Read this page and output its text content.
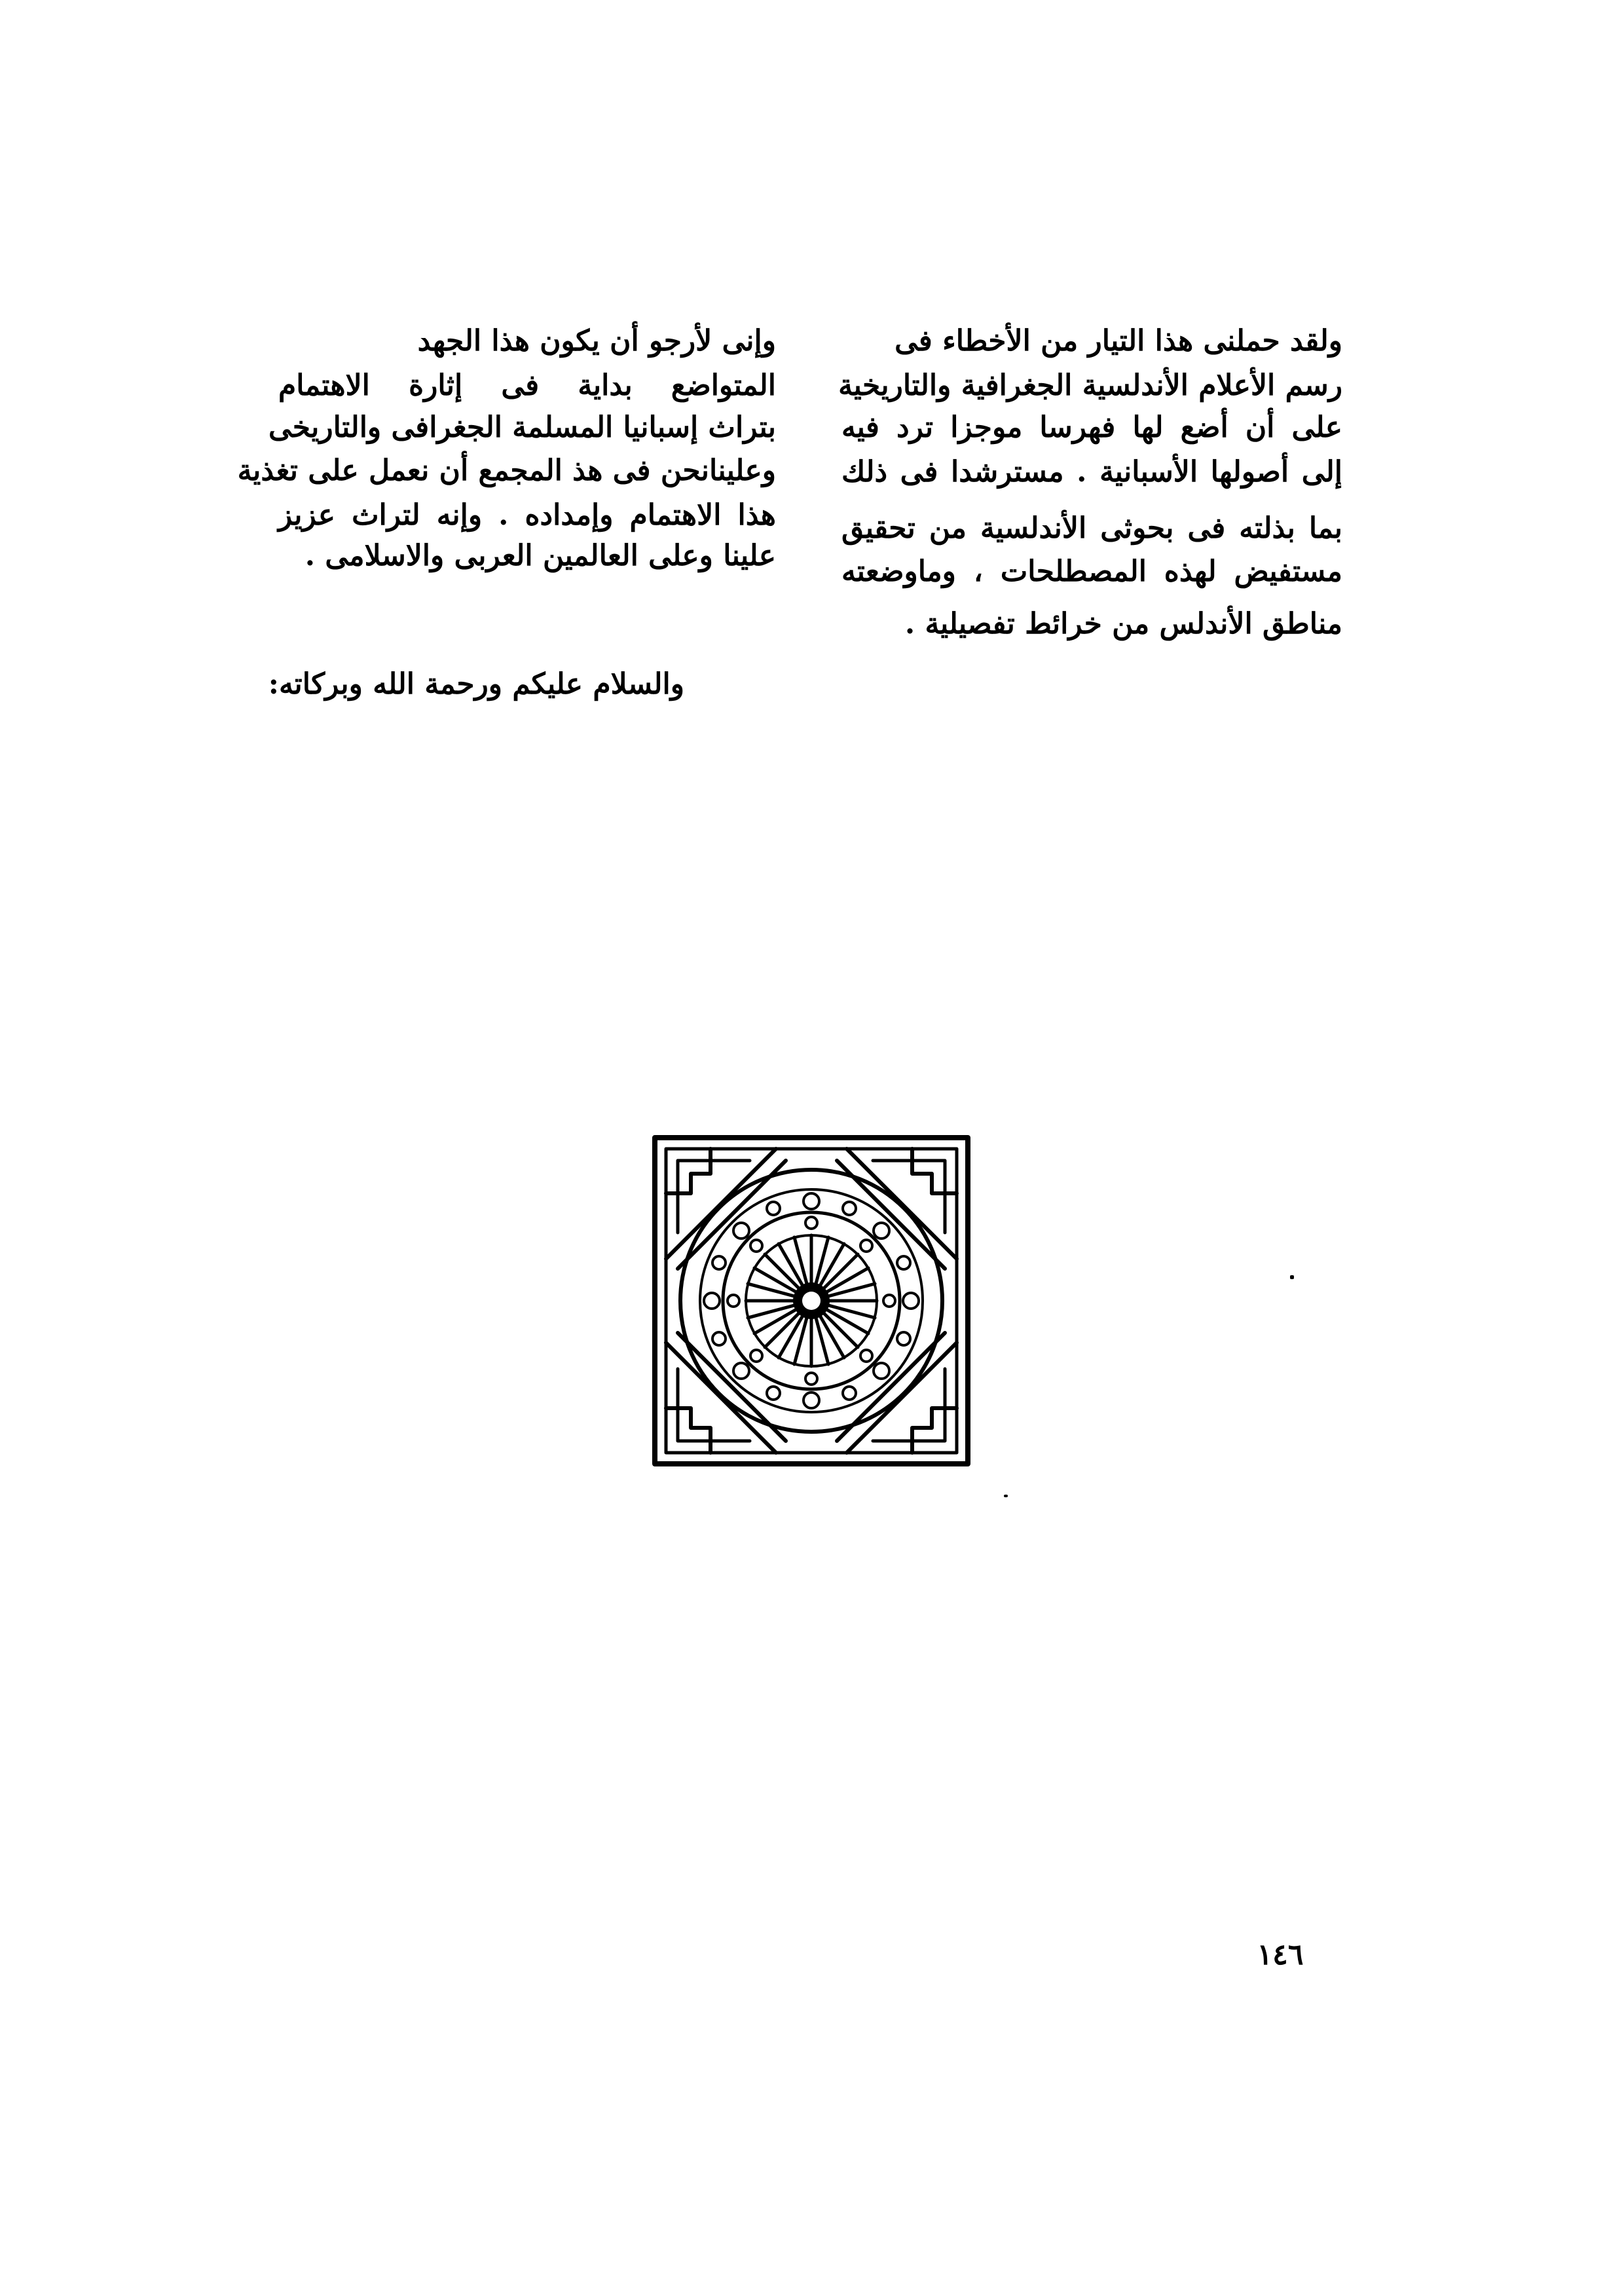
ولقد حملنى هذا التيار من الأخطاء فى
رسم الأعلام الأندلسية الجغرافية والتاريخية
على أن أضع لها فهرسا موجزا ترد فيه
إلى أصولها الأسبانية . مسترشدا فى ذلك
بما بذلته فى بحوثى الأندلسية من تحقيق
مستفيض لهذه المصطلحات ، وماوضعته
مناطق الأندلس من خرائط تفصيلية .
وإنى لأرجو أن يكون هذا الجهد
المتواضع بداية فى إثارة الاهتمام
بتراث إسبانيا المسلمة الجغرافى والتاريخى
وعلينانحن فى هذ المجمع أن نعمل على تغذية
هذا الاهتمام وإمداده . وإنه لتراث عزيز
علينا وعلى العالمين العربى والاسلامى .
والسلام عليكم ورحمة الله وبركاته:
١٤٦
